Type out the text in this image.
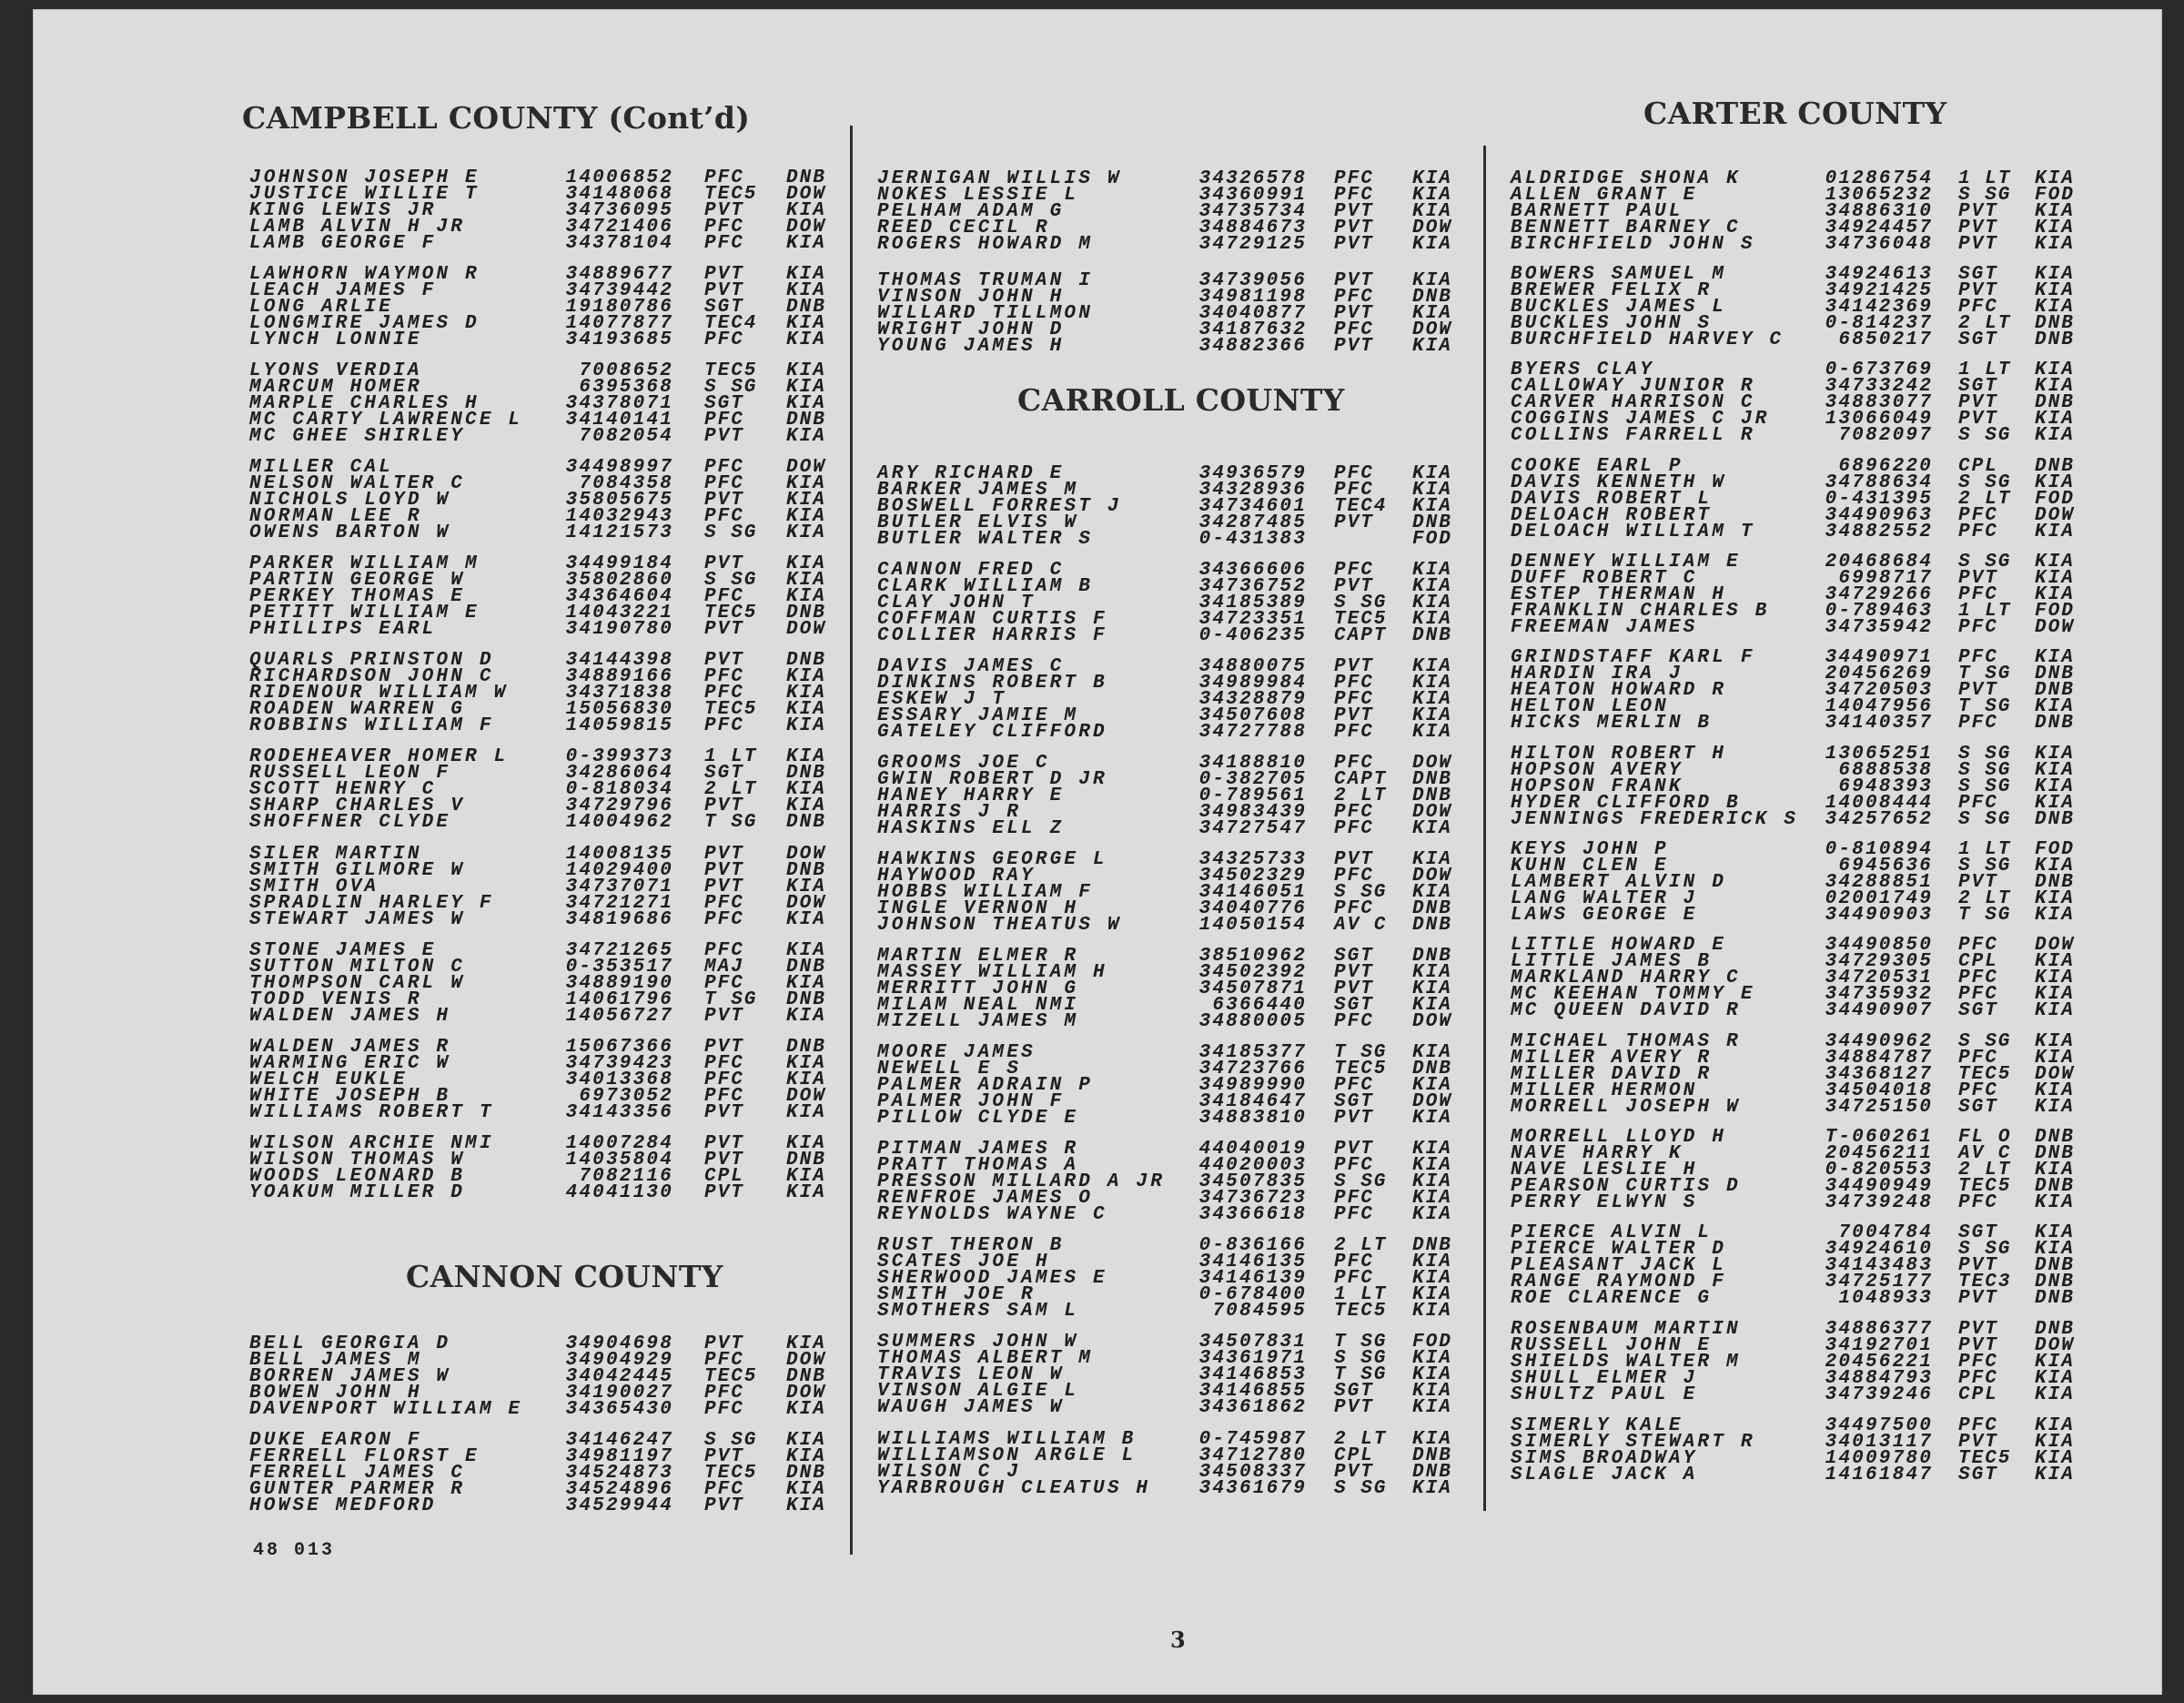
CAMPBELL COUNTY (Cont’d)
JOHNSON JOSEPH E	14006852 PFC DNB
JUSTICE WILLIE T	34148068 TEC5 DOW
KING LEWIS JR	34736095 PVT KIA
LAMB ALVIN H JR	34721406 PFC DOW
LAMB GEORGE F	34378104 PFC KIA
LAWHORN WAYMON R	34889677 PVT KIA
LEACH JAMES F	34739442 PVT KIA
LONG ARLIE	19180786 SGT DNB
LONGMIRE JAMES D	14077877 TEC4 KIA
LYNCH LONNIE	34193685 PFC KIA
LYONS VERDIA	7008652 TEC5 KIA
MARCUM HOMER	6395368 S SG KIA
MARPLE CHARLES H	34378071 SGT KIA
MC CARTY LAWRENCE L 34140141 PFC DNB
MC GHEE SHIRLEY	7082054 PVT KIA
MILLER CAL	34498997 PFC DOW
NELSON WALTER C	7084358 PFC KIA
NICHOLS LOYD W	35805675 PVT KIA
NORMAN LEE R	14032943 PFC KIA
OWENS BARTON W	14121573 S SG KIA
PARKER WILLIAM M	34499184 PVT KIA
PARTIN GEORGE W	35802860 S SG KIA
PERKEY THOMAS E	34364604 PFC KIA
PETITT WILLIAM E	14043221 TEC5 DNB
PHILLIPS EARL	34190780 PVT DOW
QUARLS PRINSTON D	34144398 PVT DNB
RICHARDSON JOHN C	34889166 PFC KIA
RIDENOUR WILLIAM W	34371838 PFC KIA
ROADEN WARREN G	15056830 TEC5 KIA
ROBBINS WILLIAM F	14059815 PFC KIA
RODEHEAVER HOMER L	0-399373 1 LT KIA
RUSSELL LEON F	34286064 SGT DNB
SCOTT HENRY C	0-818034 2 LT KIA
SHARP CHARLES V	34729796 PVT KIA
SHOFFNER CLYDE	14004962 T SG DNB
SILER MARTIN	14008135 PVT DOW
SMITH GILMORE W	14029400 PVT DNB
SMITH OVA	34737071 PVT KIA
SPRADLIN HARLEY F	34721271 PFC DOW
STEWART JAMES W	34819686 PFC KIA
STONE JAMES E	34721265 PFC KIA
SUTTON MILTON C	0-353517 MAJ DNB
THOMPSON CARL W	34889190 PFC KIA
TODD VENIS R	14061796 T SG DNB
WALDEN JAMES H	14056727 PVT KIA
WALDEN JAMES R	15067366 PVT DNB
WARMING ERIC W	34739423 PFC KIA
WELCH EUKLE	34013368 PFC KIA
WHITE JOSEPH B	6973052 PFC DOW
WILLIAMS ROBERT T	34143356 PVT KIA
WILSON ARCHIE NMI	14007284 PVT KIA
WILSON THOMAS W	14035804 PVT DNB
WOODS LEONARD B	7082116 CPL KIA
YOAKUM MILLER D	44041130 PVT KIA
CANNON COUNTY
BELL GEORGIA D	34904698 PVT KIA
BELL JAMES M	34904929 PFC DOW
BORREN JAMES W	34042445 TEC5 DNB
BOWEN JOHN H	34190027 PFC DOW
DAVENPORT WILLIAM E 34365430 PFC KIA
DUKE EARON F	34146247 S SG KIA
FERRELL FLORST E	34981197 PVT KIA
FERRELL JAMES C	34524873 TEC5 DNB
GUNTER PARMER R	34524896 PFC KIA
HOWSE MEDFORD	34529944 PVT KIA
JERNIGAN WILLIS W	34326578 PFC KIA
NOKES LESSIE L	34360991 PFC KIA
PELHAM ADAM G	34735734 PVT KIA
REED CECIL R	34884673 PVT DOW
ROGERS HOWARD M	34729125 PVT KIA
THOMAS TRUMAN I	34739056 PVT KIA
VINSON JOHN H	34981198 PFC DNB
WILLARD TILLMON	34040877 PVT KIA
WRIGHT JOHN D	34187632 PFC DOW
YOUNG JAMES H	34882366 PVT KIA
CARROLL COUNTY
ARY RICHARD E	34936579 PFC KIA
BARKER JAMES M	34328936 PFC KIA
BOSWELL FORREST J	34734601 TEC4 KIA
BUTLER ELVIS W	34287485 PVT DNB
BUTLER WALTER S	0-431383	FOD
CANNON FRED C	34366606 PFC KIA
CLARK WILLIAM B	34736752 PVT KIA
CLAY JOHN T	34185389 S SG KIA
COFFMAN CURTIS F	34723351 TEC5 KIA
COLLIER HARRIS F	0-406235 CAPT DNB
DAVIS JAMES C	34880075 PVT KIA
DINKINS ROBERT B	34989984 PFC KIA
ESKEW J T	34328879 PFC KIA
ESSARY JAMIE M	34507608 PVT KIA
GATELEY CLIFFORD	34727788 PFC KIA
GROOMS JOE C	34188810 PFC DOW
GWIN ROBERT D JR	0-382705 CAPT DNB
HANEY HARRY E	0-789561 2 LT DNB
HARRIS J R	34983439 PFC DOW
HASKINS ELL Z	34727547 PFC KIA
HAWKINS GEORGE L	34325733 PVT KIA
HAYWOOD RAY	34502329 PFC DOW
HOBBS WILLIAM F	34146051 S SG KIA
INGLE VERNON H	34040776 PFC DNB
JOHNSON THEATUS W	14050154 AV C DNB
MARTIN ELMER R	38510962 SGT DNB
MASSEY WILLIAM H	34502392 PVT KIA
MERRITT JOHN G	34507871 PVT KIA
MILAM NEAL NMI	6366440 SGT KIA
MIZELL JAMES M	34880005 PFC DOW
MOORE JAMES	34185377 T SG KIA
NEWELL E S	34723766 TEC5 DNB
PALMER ADRAIN P	34989990 PFC KIA
PALMER JOHN F	34184647 SGT DOW
PILLOW CLYDE E	34883810 PVT KIA
PITMAN JAMES R	44040019 PVT KIA
PRATT THOMAS A	44020003 PFC KIA
PRESSON MILLARD A JR 34507835 S SG KIA
RENFROE JAMES O	34736723 PFC KIA
REYNOLDS WAYNE C	34366618 PFC KIA
RUST THERON B	0-836166 2 LT DNB
SCATES JOE H	34146135 PFC KIA
SHERWOOD JAMES E	34146139 PFC KIA
SMITH JOE R	0-678400 1 LT KIA
SMOTHERS SAM L	7084595 TEC5 KIA
SUMMERS JOHN W	34507831 T SG FOD
THOMAS ALBERT M	34361971 S SG KIA
TRAVIS LEON W	34146853 T SG KIA
VINSON ALGIE L	34146855 SGT KIA
WAUGH JAMES W	34361862 PVT KIA
WILLIAMS WILLIAM B	0-745987 2 LT KIA
WILLIAMSON ARGLE L	34712780 CPL DNB
WILSON C J	34508337 PVT DNB
YARBROUGH CLEATUS H	34361679 S SG KIA
CARTER COUNTY
ALDRIDGE SHONA K	01286754 1 LT KIA
ALLEN GRANT E	13065232 S SG FOD
BARNETT PAUL	34886310 PVT KIA
BENNETT BARNEY C	34924457 PVT KIA
BIRCHFIELD JOHN S	34736048 PVT KIA
BOWERS SAMUEL M	34924613 SGT KIA
BREWER FELIX R	34921425 PVT KIA
BUCKLES JAMES L	34142369 PFC KIA
BUCKLES JOHN S	0-814237 2 LT DNB
BURCHFIELD HARVEY C	6850217 SGT DNB
BYERS CLAY	0-673769 1 LT KIA
CALLOWAY JUNIOR R	34733242 SGT KIA
CARVER HARRISON C	34883077 PVT DNB
COGGINS JAMES C JR	13066049 PVT KIA
COLLINS FARRELL R	7082097 S SG KIA
COOKE EARL P	6896220 CPL DNB
DAVIS KENNETH W	34788634 S SG KIA
DAVIS ROBERT L	0-431395 2 LT FOD
DELOACH ROBERT	34490963 PFC DOW
DELOACH WILLIAM T	34882552 PFC KIA
DENNEY WILLIAM E	20468684 S SG KIA
DUFF ROBERT C	6998717 PVT KIA
ESTEP THERMAN H	34729266 PFC KIA
FRANKLIN CHARLES B	0-789463 1 LT FOD
FREEMAN JAMES	34735942 PFC DOW
GRINDSTAFF KARL F	34490971 PFC KIA
HARDIN IRA J	20456269 T SG DNB
HEATON HOWARD R	34720503 PVT DNB
HELTON LEON	14047956 T SG KIA
HICKS MERLIN B	34140357 PFC DNB
HILTON ROBERT H	13065251 S SG KIA
HOPSON AVERY	6888538 S SG KIA
HOPSON FRANK	6948393 S SG KIA
HYDER CLIFFORD B	14008444 PFC KIA
JENNINGS FREDERICK S 34257652 S SG DNB
KEYS JOHN P	0-810894 1 LT FOD
KUHN CLEN E	6945636 S SG KIA
LAMBERT ALVIN D	34288851 PVT DNB
LANG WALTER J	02001749 2 LT KIA
LAWS GEORGE E	34490903 T SG KIA
LITTLE HOWARD E	34490850 PFC DOW
LITTLE JAMES B	34729305 CPL KIA
MARKLAND HARRY C	34720531 PFC KIA
MC KEEHAN TOMMY E	34735932 PFC KIA
MC QUEEN DAVID R	34490907 SGT KIA
MICHAEL THOMAS R	34490962 S SG KIA
MILLER AVERY R	34884787 PFC KIA
MILLER DAVID R	34368127 TEC5 DOW
MILLER HERMON	34504018 PFC KIA
MORRELL JOSEPH W	34725150 SGT KIA
MORRELL LLOYD H	T-060261 FL O DNB
NAVE HARRY K	20456211 AV C DNB
NAVE LESLIE H	0-820553 2 LT KIA
PEARSON CURTIS D	34490949 TEC5 DNB
PERRY ELWYN S	34739248 PFC KIA
PIERCE ALVIN L	7004784 SGT KIA
PIERCE WALTER D	34924610 S SG KIA
PLEASANT JACK L	34143483 PVT DNB
RANGE RAYMOND F	34725177 TEC3 DNB
ROE CLARENCE G	1048933 PVT DNB
ROSENBAUM MARTIN	34886377 PVT DNB
RUSSELL JOHN E	34192701 PVT DOW
SHIELDS WALTER M	20456221 PFC KIA
SHULL ELMER J	34884793 PFC KIA
SHULTZ PAUL E	34739246 CPL KIA
SIMERLY KALE	34497500 PFC KIA
SIMERLY STEWART R	34013117 PVT KIA
SIMS BROADWAY	14009780 TEC5 KIA
SLAGLE JACK A	14161847 SGT KIA
48 013
3
